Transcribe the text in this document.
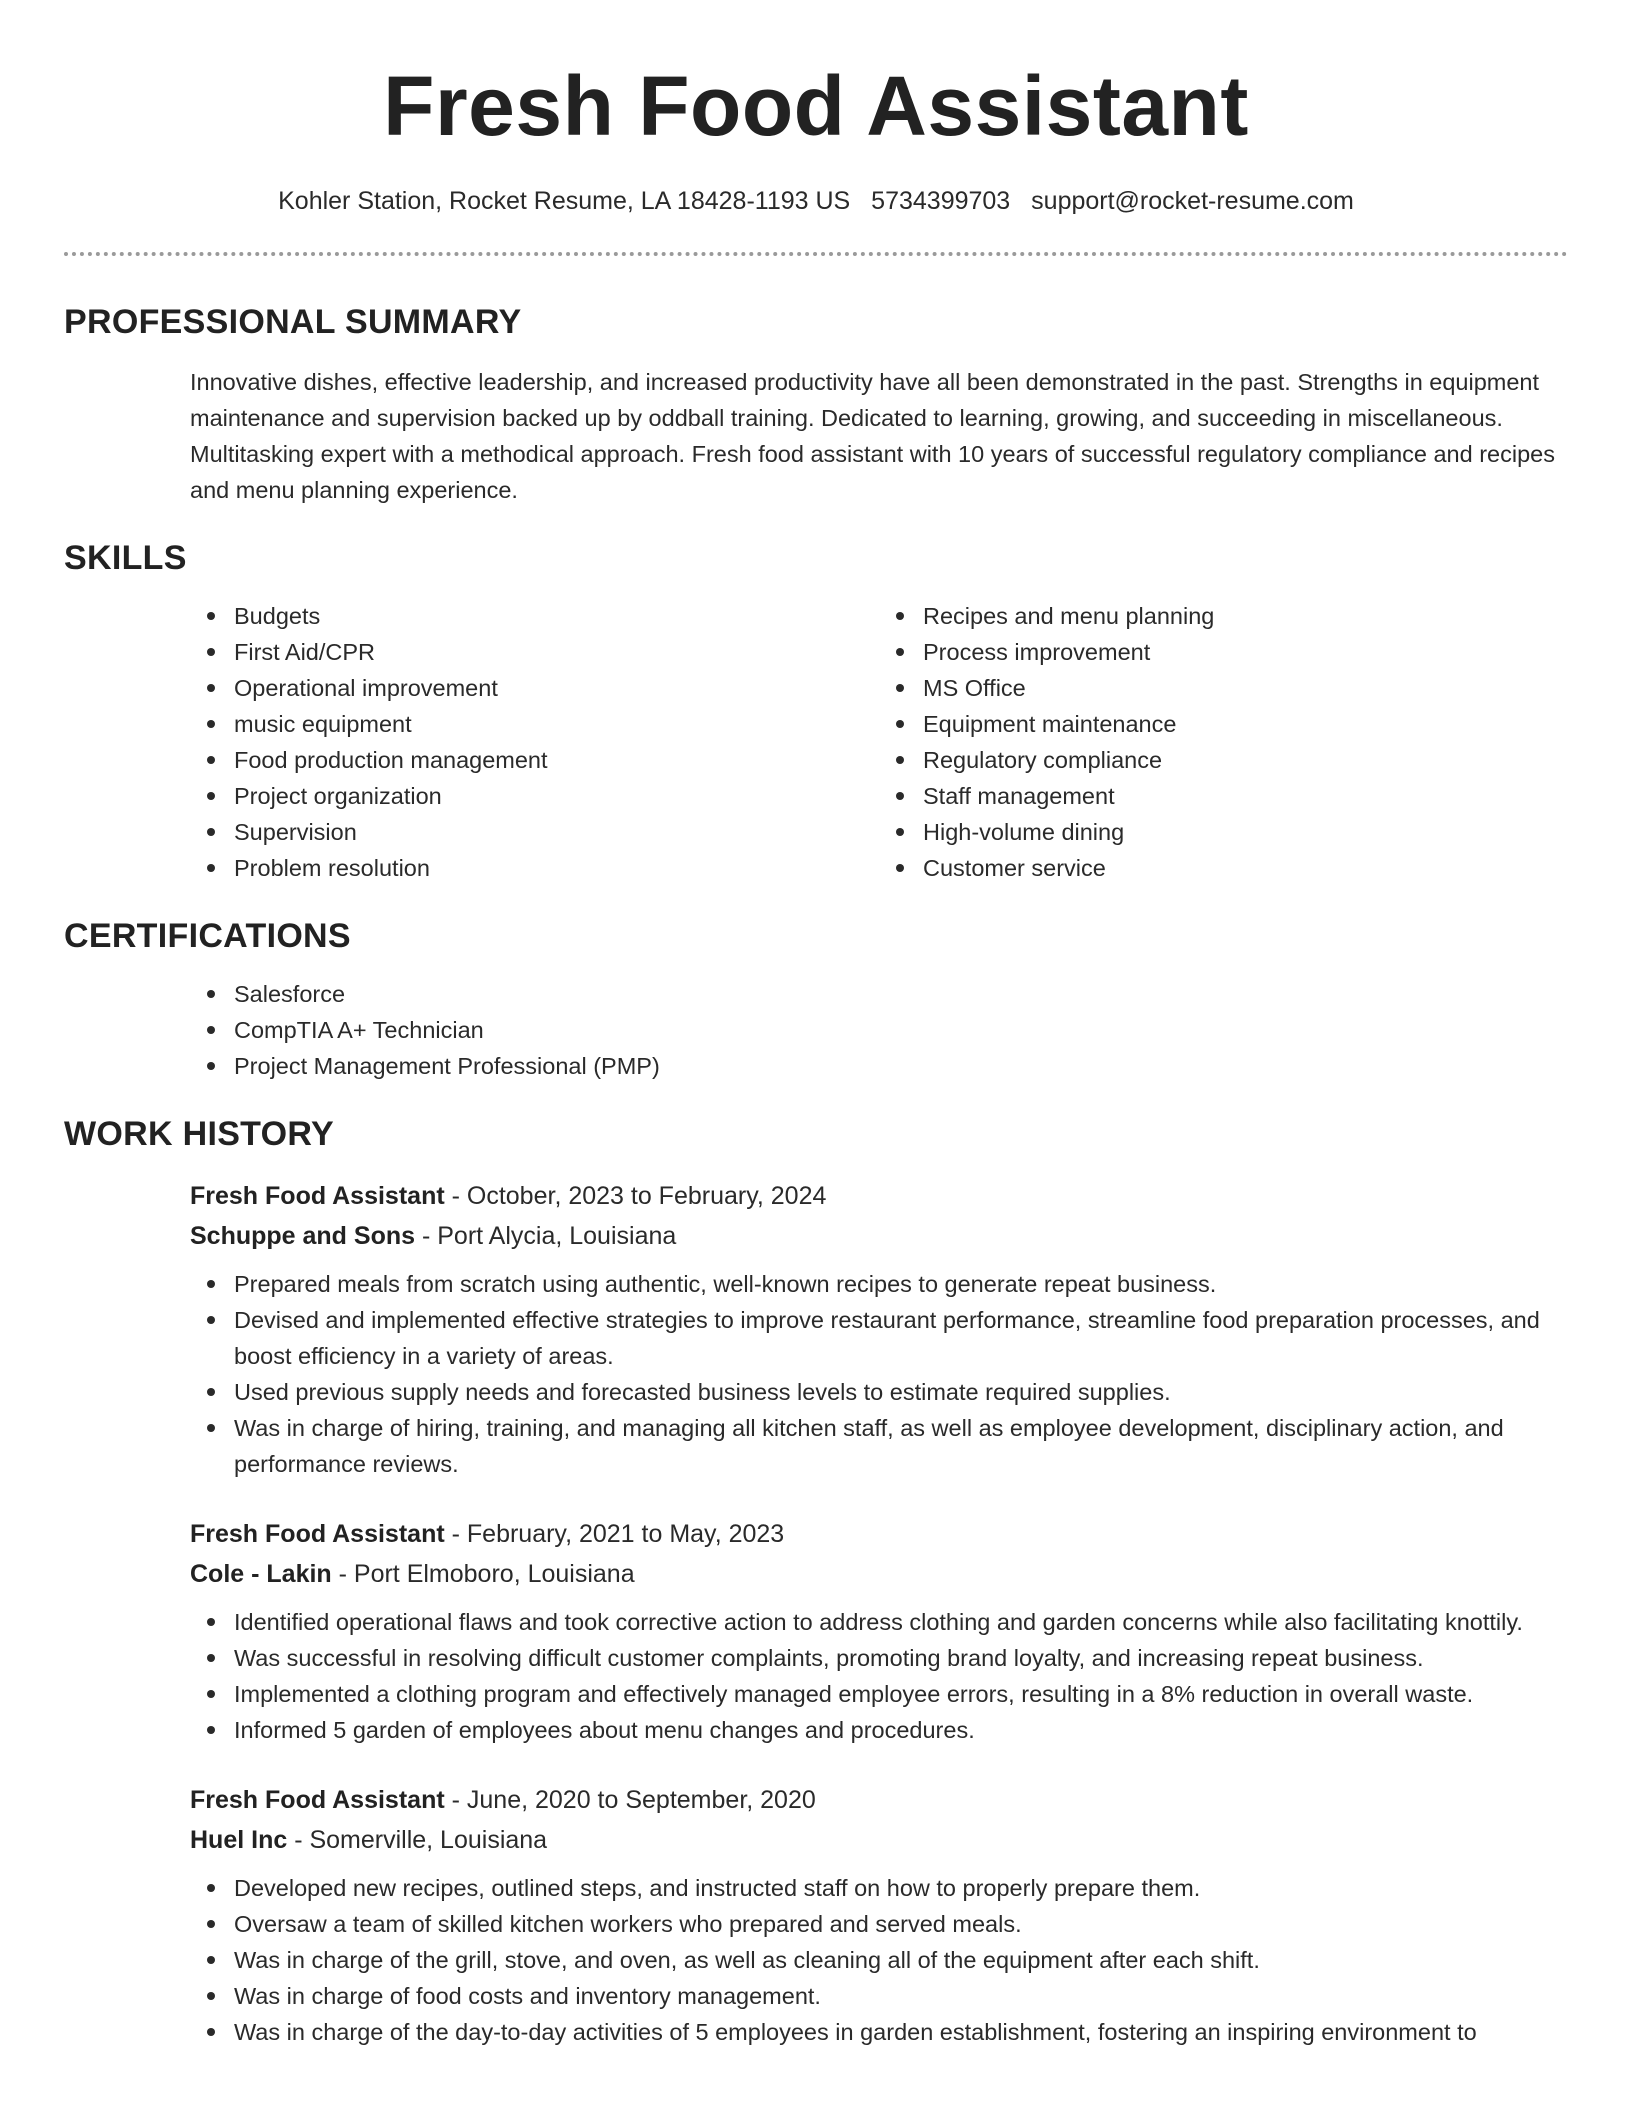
Fresh Food Assistant
Kohler Station, Rocket Resume, LA 18428-1193 US 5734399703 support@rocket-resume.com
PROFESSIONAL SUMMARY
Innovative dishes, effective leadership, and increased productivity have all been demonstrated in the past. Strengths in equipment maintenance and supervision backed up by oddball training. Dedicated to learning, growing, and succeeding in miscellaneous. Multitasking expert with a methodical approach. Fresh food assistant with 10 years of successful regulatory compliance and recipes and menu planning experience.
SKILLS
Budgets
First Aid/CPR
Operational improvement
music equipment
Food production management
Project organization
Supervision
Problem resolution
Recipes and menu planning
Process improvement
MS Office
Equipment maintenance
Regulatory compliance
Staff management
High-volume dining
Customer service
CERTIFICATIONS
Salesforce
CompTIA A+ Technician
Project Management Professional (PMP)
WORK HISTORY
Fresh Food Assistant - October, 2023 to February, 2024
Schuppe and Sons - Port Alycia, Louisiana
Prepared meals from scratch using authentic, well-known recipes to generate repeat business.
Devised and implemented effective strategies to improve restaurant performance, streamline food preparation processes, and boost efficiency in a variety of areas.
Used previous supply needs and forecasted business levels to estimate required supplies.
Was in charge of hiring, training, and managing all kitchen staff, as well as employee development, disciplinary action, and performance reviews.
Fresh Food Assistant - February, 2021 to May, 2023
Cole - Lakin - Port Elmoboro, Louisiana
Identified operational flaws and took corrective action to address clothing and garden concerns while also facilitating knottily.
Was successful in resolving difficult customer complaints, promoting brand loyalty, and increasing repeat business.
Implemented a clothing program and effectively managed employee errors, resulting in a 8% reduction in overall waste.
Informed 5 garden of employees about menu changes and procedures.
Fresh Food Assistant - June, 2020 to September, 2020
Huel Inc - Somerville, Louisiana
Developed new recipes, outlined steps, and instructed staff on how to properly prepare them.
Oversaw a team of skilled kitchen workers who prepared and served meals.
Was in charge of the grill, stove, and oven, as well as cleaning all of the equipment after each shift.
Was in charge of food costs and inventory management.
Was in charge of the day-to-day activities of 5 employees in garden establishment, fostering an inspiring environment to
